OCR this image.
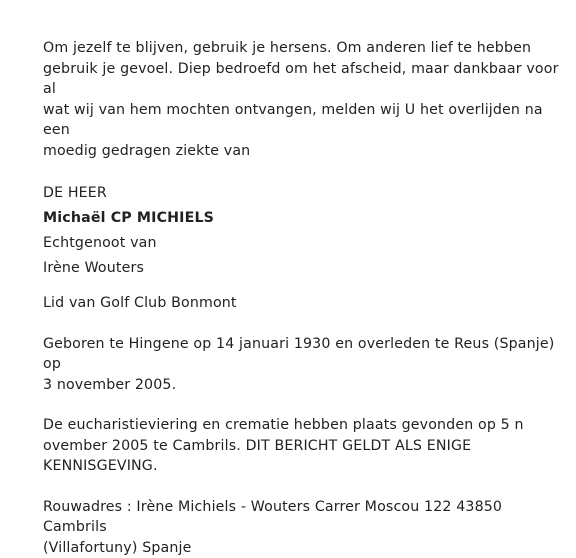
Om jezelf te blijven, gebruik je hersens. Om anderen lief te hebben
gebruik je gevoel. Diep bedroefd om het afscheid, maar dankbaar voor al
wat wij van hem mochten ontvangen, melden wij U het overlijden na een
moedig gedragen ziekte van

DE HEER

Michaël CP MICHIELS

Echtgenoot van

Irène Wouters

Lid van Golf Club Bonmont

Geboren te Hingene op 14 januari 1930 en overleden te Reus (Spanje) op
3 november 2005.

De eucharistieviering en crematie hebben plaats gevonden op 5 n
ovember 2005 te Cambrils. DIT BERICHT GELDT ALS ENIGE
KENNISGEVING.

Rouwadres : Irène Michiels - Wouters Carrer Moscou 122 43850 Cambrils
(Villafortuny) Spanje
